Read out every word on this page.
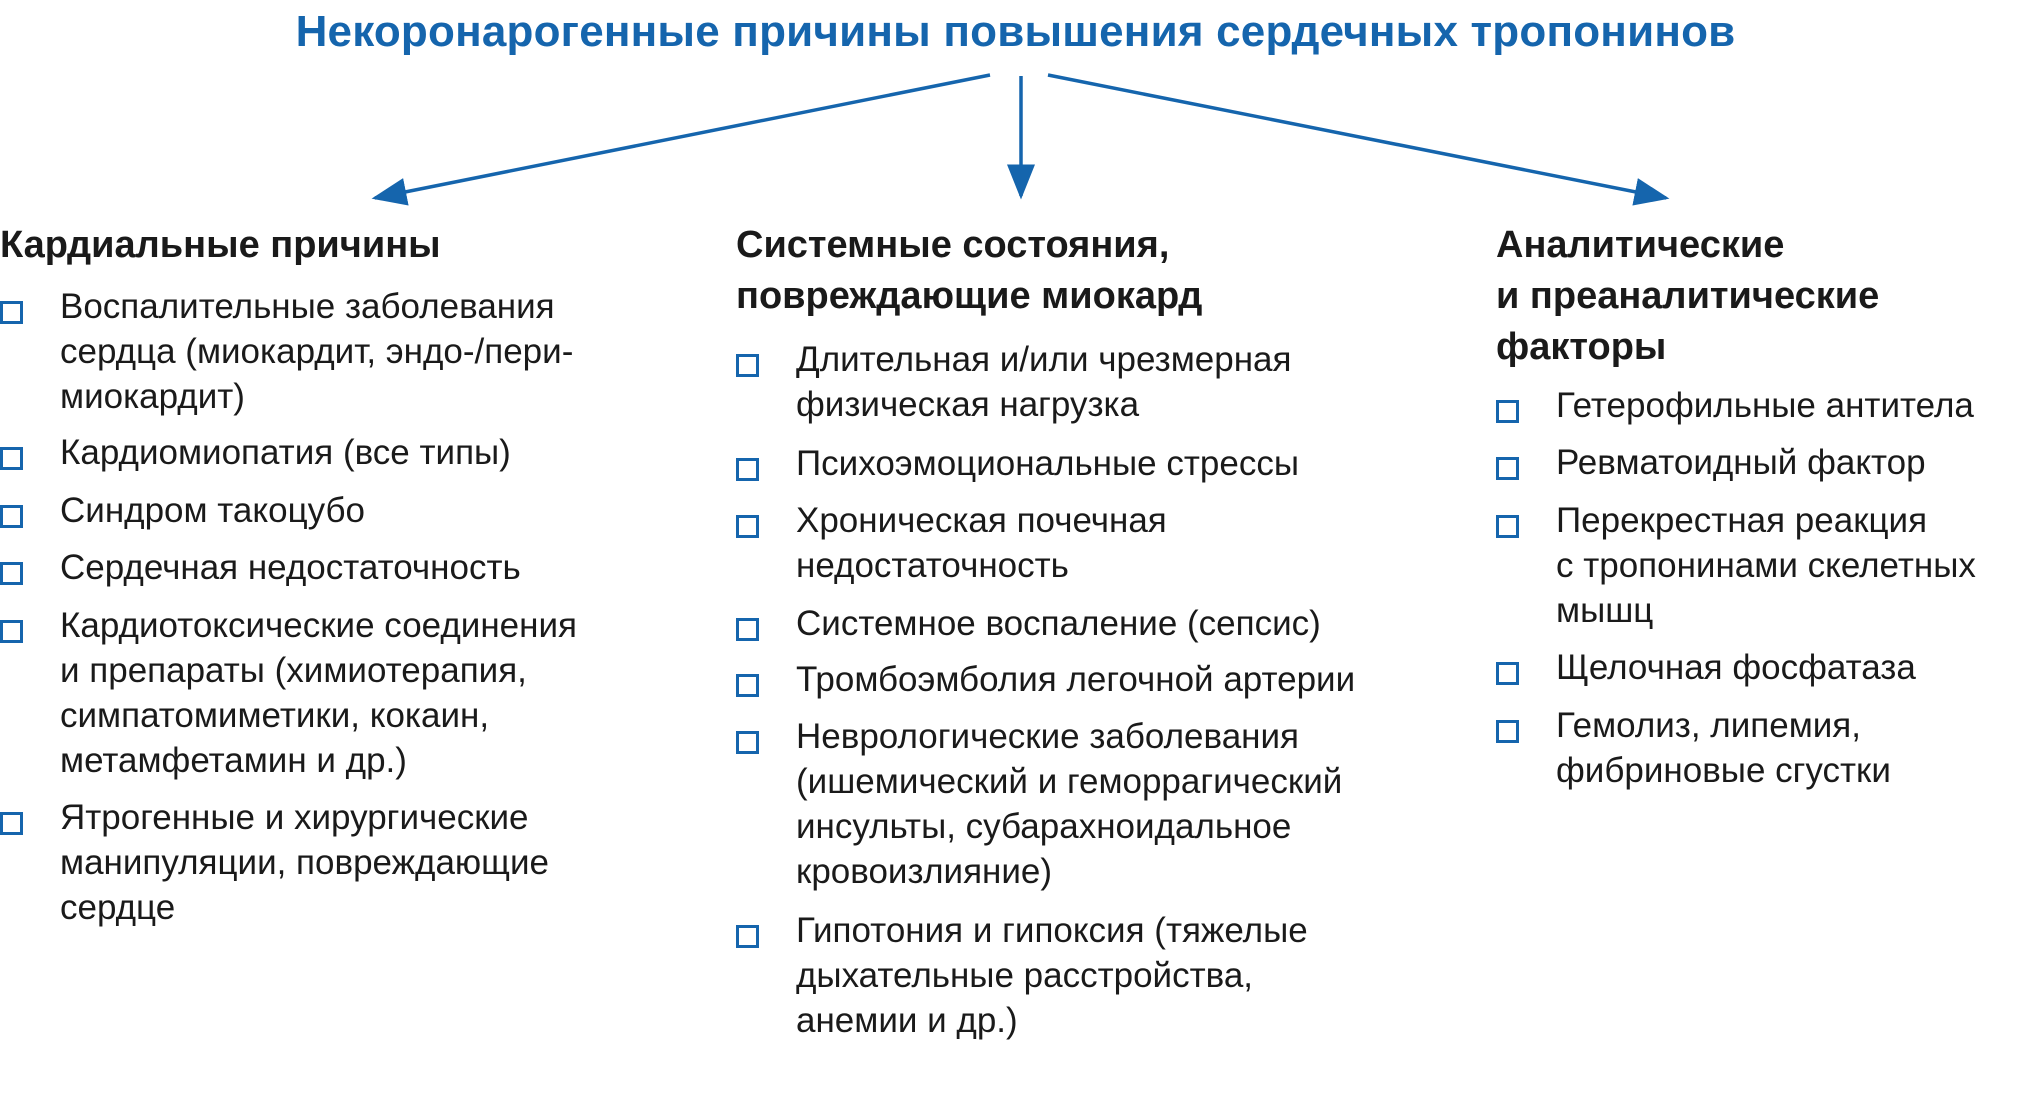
Некоронарогенные причины повышения сердечных тропонинов
Кардиальные причины
Воспалительные заболевания
сердца (миокардит, эндо-/пери-
миокардит)
Кардиомиопатия (все типы)
Синдром такоцубо
Сердечная недостаточность
Кардиотоксические соединения
и препараты (химиотерапия,
симпатомиметики, кокаин,
метамфетамин и др.)
Ятрогенные и хирургические
манипуляции, повреждающие
сердце
Системные состояния,
повреждающие миокард
Длительная и/или чрезмерная
физическая нагрузка
Психоэмоциональные стрессы
Хроническая почечная
недостаточность
Системное воспаление (сепсис)
Тромбоэмболия легочной артерии
Неврологические заболевания
(ишемический и геморрагический
инсульты, субарахноидальное
кровоизлияние)
Гипотония и гипоксия (тяжелые
дыхательные расстройства,
анемии и др.)
Аналитические
и преаналитические
факторы
Гетерофильные антитела
Ревматоидный фактор
Перекрестная реакция
с тропонинами скелетных
мышц
Щелочная фосфатаза
Гемолиз, липемия,
фибриновые сгустки
